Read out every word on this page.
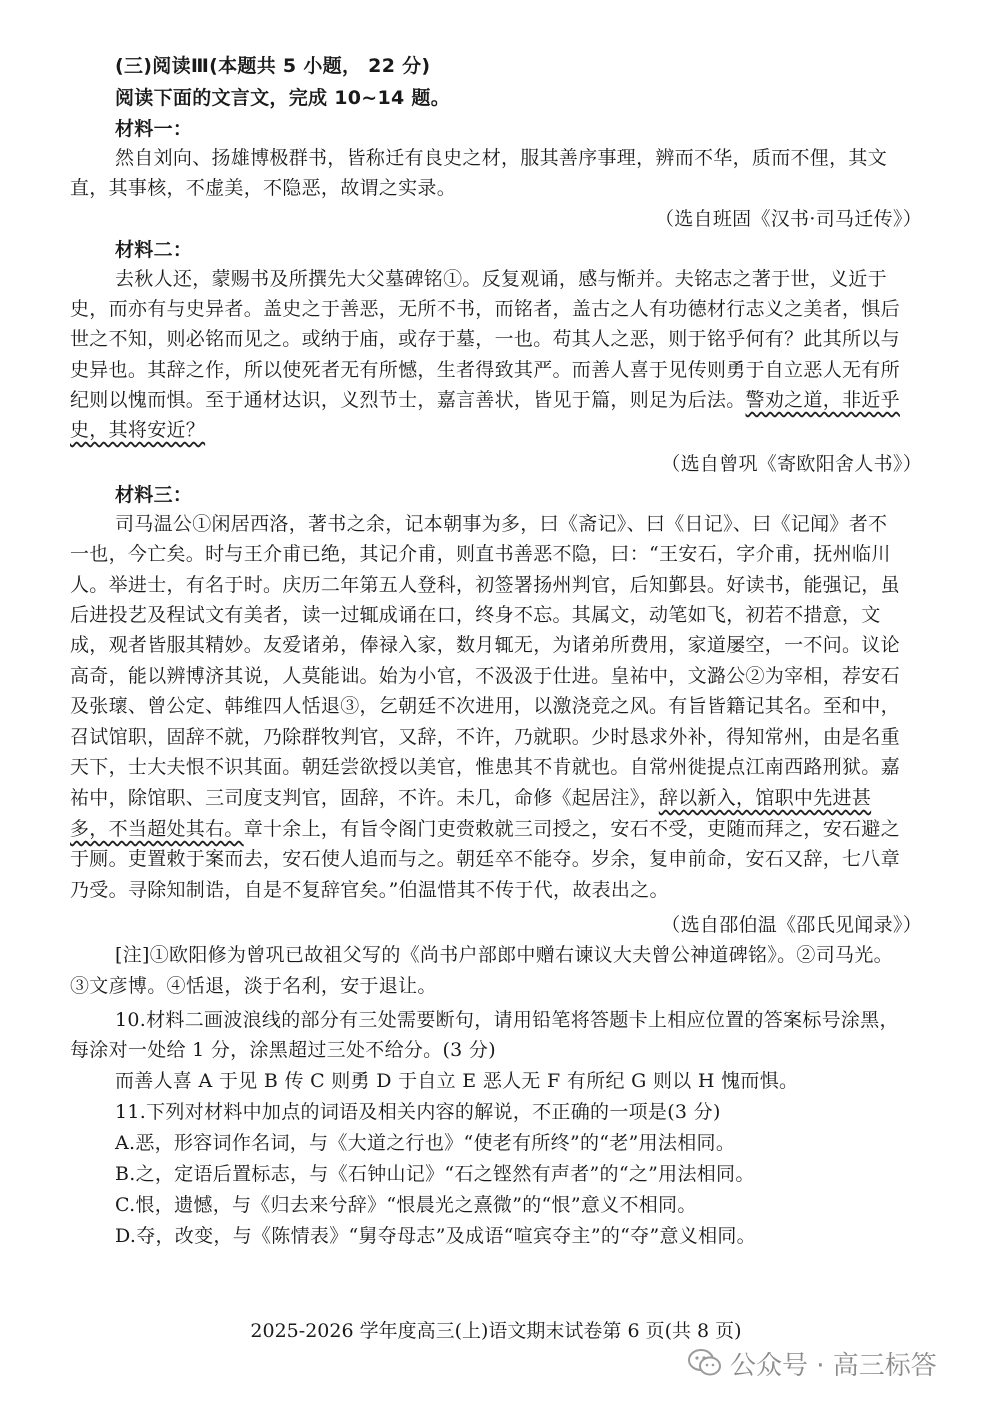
(三)阅读Ⅲ(本题共 5 小题， 22 分)
阅读下面的文言文，完成 10~14 题。
材料一：
然自刘向、扬雄博极群书，皆称迁有良史之材，服其善序事理，辨而不华，质而不俚，其文
直，其事核，不虚美，不隐恶，故谓之实录。
（选自班固《汉书·司马迁传》）
材料二：
去秋人还，蒙赐书及所撰先大父墓碑铭①。反复观诵，感与惭并。夫铭志之著于世，义近于
史，而亦有与史异者。盖史之于善恶，无所不书，而铭者，盖古之人有功德材行志义之美者，惧后
世之不知，则必铭而见之。或纳于庙，或存于墓，一也。苟其人之恶，则于铭乎何有？此其所以与
史异也。其辞之作，所以使死者无有所憾，生者得致其严。而善人喜于见传则勇于自立恶人无有所
纪则以愧而惧。至于通材达识，义烈节士，嘉言善状，皆见于篇，则足为后法。警劝之道，非近乎
史，其将安近？
（选自曾巩《寄欧阳舍人书》）
材料三：
司马温公①闲居西洛，著书之余，记本朝事为多，曰《斋记》、曰《日记》、曰《记闻》者不
一也，今亡矣。时与王介甫已绝，其记介甫，则直书善恶不隐，曰：“王安石，字介甫，抚州临川
人。举进士，有名于时。庆历二年第五人登科，初签署扬州判官，后知鄞县。好读书，能强记，虽
后进投艺及程试文有美者，读一过辄成诵在口，终身不忘。其属文，动笔如飞，初若不措意，文
成，观者皆服其精妙。友爱诸弟，俸禄入家，数月辄无，为诸弟所费用，家道屡空，一不问。议论
高奇，能以辨博济其说，人莫能诎。始为小官，不汲汲于仕进。皇祐中，文潞公②为宰相，荐安石
及张瓌、曾公定、韩维四人恬退③，乞朝廷不次进用，以激浇竞之风。有旨皆籍记其名。至和中，
召试馆职，固辞不就，乃除群牧判官，又辞，不许，乃就职。少时恳求外补，得知常州，由是名重
天下，士大夫恨不识其面。朝廷尝欲授以美官，惟患其不肯就也。自常州徙提点江南西路刑狱。嘉
祐中，除馆职、三司度支判官，固辞，不许。未几，命修《起居注》，辞以新入，馆职中先进甚
多，不当超处其右。章十余上，有旨令阁门吏赍敕就三司授之，安石不受，吏随而拜之，安石避之
于厕。吏置敕于案而去，安石使人追而与之。朝廷卒不能夺。岁余，复申前命，安石又辞，七八章
乃受。寻除知制诰，自是不复辞官矣。”伯温惜其不传于代，故表出之。
（选自邵伯温《邵氏见闻录》）
[注]①欧阳修为曾巩已故祖父写的《尚书户部郎中赠右谏议大夫曾公神道碑铭》。②司马光。
③文彦博。④恬退，淡于名利，安于退让。
10.材料二画波浪线的部分有三处需要断句，请用铅笔将答题卡上相应位置的答案标号涂黑，
每涂对一处给 1 分，涂黑超过三处不给分。(3 分)
而善人喜 A 于见 B 传 C 则勇 D 于自立 E 恶人无 F 有所纪 G 则以 H 愧而惧。
11.下列对材料中加点的词语及相关内容的解说，不正确的一项是(3 分)
A.恶，形容词作名词，与《大道之行也》“使老有所终”的“老”用法相同。
B.之，定语后置标志，与《石钟山记》“石之铿然有声者”的“之”用法相同。
C.恨，遗憾，与《归去来兮辞》“恨晨光之熹微”的“恨”意义不相同。
D.夺，改变，与《陈情表》“舅夺母志”及成语“喧宾夺主”的“夺”意义相同。
2025-2026 学年度高三(上)语文期末试卷第 6 页(共 8 页)
公众号 · 高三标答
